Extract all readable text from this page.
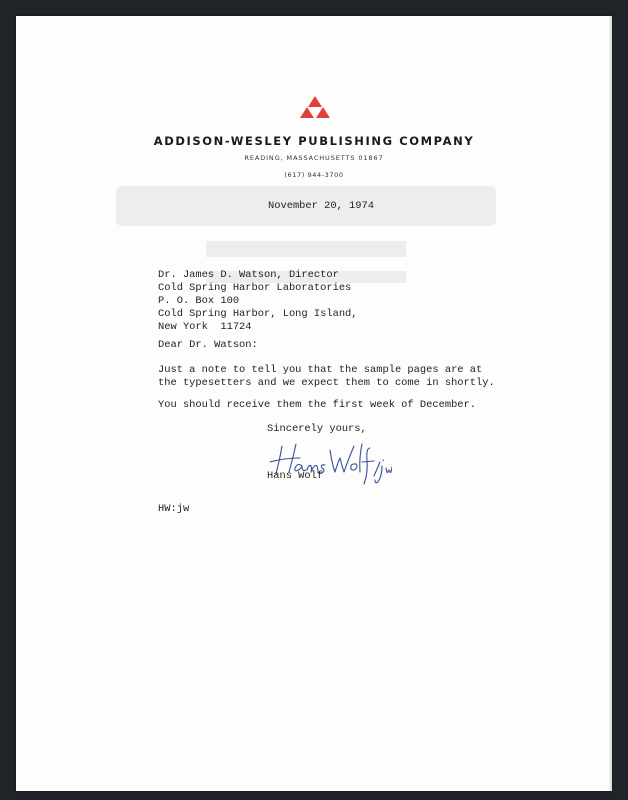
ADDISON-WESLEY PUBLISHING COMPANY
READING, MASSACHUSETTS 01867
(617) 944-3700
November 20, 1974
Dr. James D. Watson, Director
Cold Spring Harbor Laboratories
P. O. Box 100
Cold Spring Harbor, Long Island,
New York  11724
Dear Dr. Watson:
Just a note to tell you that the sample pages are at
the typesetters and we expect them to come in shortly.
You should receive them the first week of December.
Sincerely yours,
Hans Wolf
HW:jw
